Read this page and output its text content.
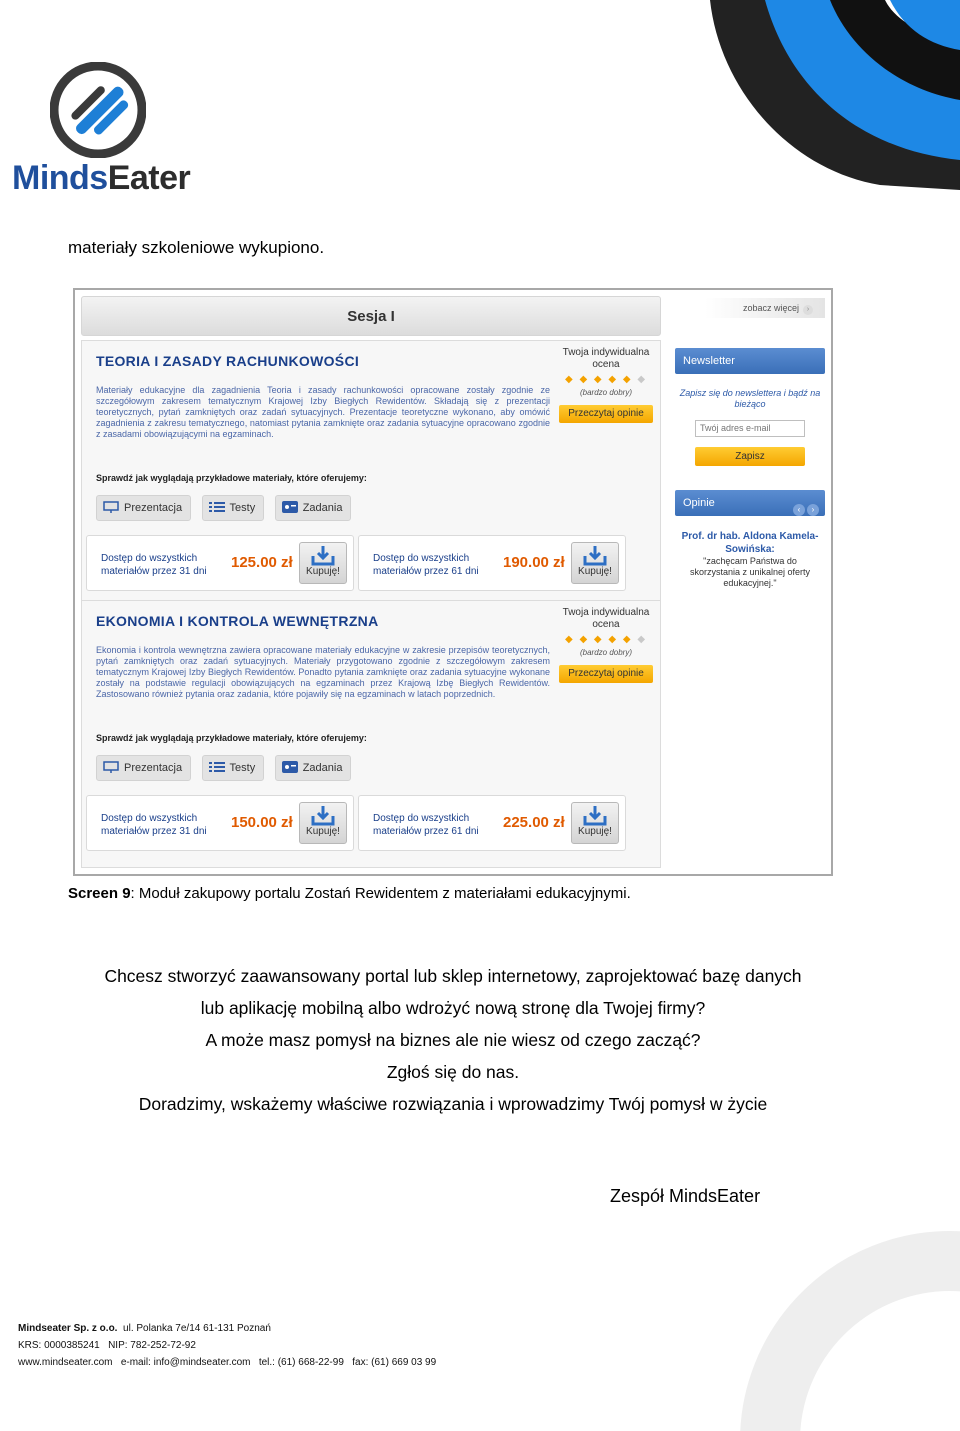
MindsEater
materiały szkoleniowe wykupiono.
Sesja I
TEORIA I ZASADY RACHUNKOWOŚCI
Materiały edukacyjne dla zagadnienia Teoria i zasady rachunkowości opracowane zostały zgodnie ze szczegółowym zakresem tematycznym Krajowej Izby Biegłych Rewidentów. Składają się z prezentacji teoretycznych, pytań zamkniętych oraz zadań sytuacyjnych. Prezentacje teoretyczne wykonano, aby omówić zagadnienia z zakresu tematycznego, natomiast pytania zamknięte oraz zadania sytuacyjne opracowano zgodnie z zasadami obowiązującymi na egzaminach.
Twoja indywidualna ocena
◆ ◆ ◆ ◆ ◆ ◆
(bardzo dobry)
Przeczytaj opinie
Sprawdź jak wyglądają przykładowe materiały, które oferujemy:
Prezentacja	Testy	Zadania
Dostęp do wszystkich
materiałów przez 31 dni
125.00 zł
Kupuję!
Dostęp do wszystkich
materiałów przez 61 dni
190.00 zł
Kupuję!
EKONOMIA I KONTROLA WEWNĘTRZNA
Ekonomia i kontrola wewnętrzna zawiera opracowane materiały edukacyjne w zakresie przepisów teoretycznych, pytań zamkniętych oraz zadań sytuacyjnych. Materiały przygotowano zgodnie z szczegółowym zakresem tematycznym Krajowej Izby Biegłych Rewidentów. Ponadto pytania zamknięte oraz zadania sytuacyjne wykonane zostały na podstawie regulacji obowiązujących na egzaminach przez Krajową Izbę Biegłych Rewidentów. Zastosowano również pytania oraz zadania, które pojawiły się na egzaminach w latach poprzednich.
Twoja indywidualna ocena
◆ ◆ ◆ ◆ ◆ ◆
(bardzo dobry)
Przeczytaj opinie
Sprawdź jak wyglądają przykładowe materiały, które oferujemy:
Prezentacja	Testy	Zadania
Dostęp do wszystkich
materiałów przez 31 dni
150.00 zł
Kupuję!
Dostęp do wszystkich
materiałów przez 61 dni
225.00 zł
Kupuję!
zobacz więcej ›
Newsletter
Zapisz się do newslettera i bądź na bieżąco
Twój adres e-mail
Zapisz
Opinie
‹ ›
Prof. dr hab. Aldona Kamela-Sowińska:
"zachęcam Państwa do skorzystania z unikalnej oferty edukacyjnej."
Screen 9: Moduł zakupowy portalu Zostań Rewidentem z materiałami edukacyjnymi.
Chcesz stworzyć zaawansowany portal lub sklep internetowy, zaprojektować bazę danych
lub aplikację mobilną albo wdrożyć nową stronę dla Twojej firmy?
A może masz pomysł na biznes ale nie wiesz od czego zacząć?
Zgłoś się do nas.
Doradzimy, wskażemy właściwe rozwiązania i wprowadzimy Twój pomysł w życie
Zespół MindsEater
Mindseater Sp. z o.o. ul. Polanka 7e/14 61-131 Poznań
KRS: 0000385241 NIP: 782-252-72-92
www.mindseater.com e-mail: info@mindseater.com tel.: (61) 668-22-99 fax: (61) 669 03 99
